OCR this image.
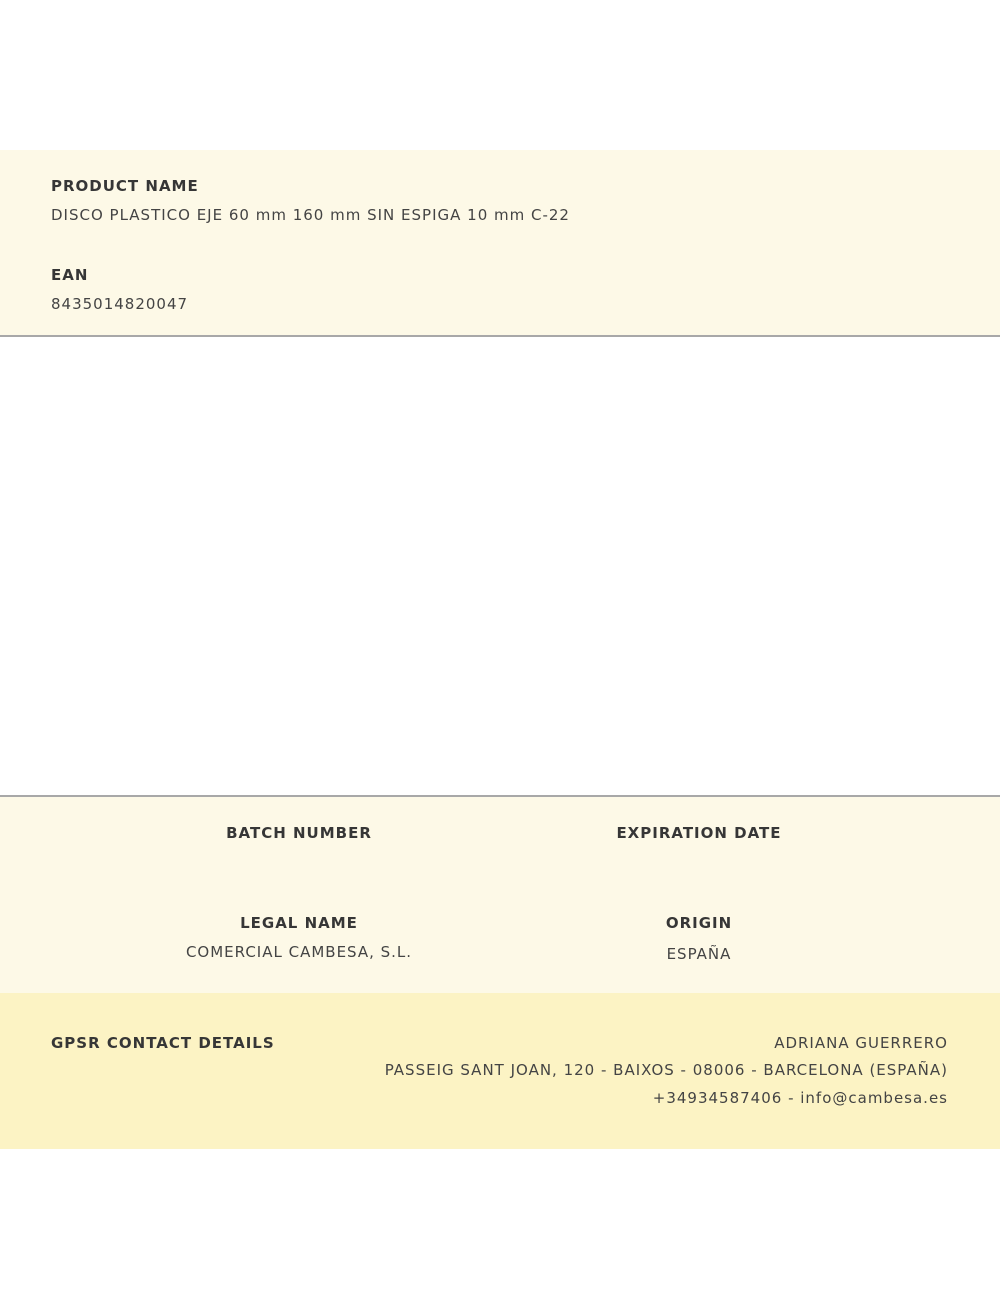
PRODUCT NAME
DISCO PLASTICO EJE 60 mm 160 mm SIN ESPIGA 10 mm C-22
EAN
8435014820047
BATCH NUMBER	EXPIRATION DATE
LEGAL NAME
COMERCIAL CAMBESA, S.L.
ORIGIN
ESPAÑA
GPSR CONTACT DETAILS	ADRIANA GUERRERO
PASSEIG SANT JOAN, 120 - BAIXOS - 08006 - BARCELONA (ESPAÑA)
+34934587406 - info@cambesa.es
